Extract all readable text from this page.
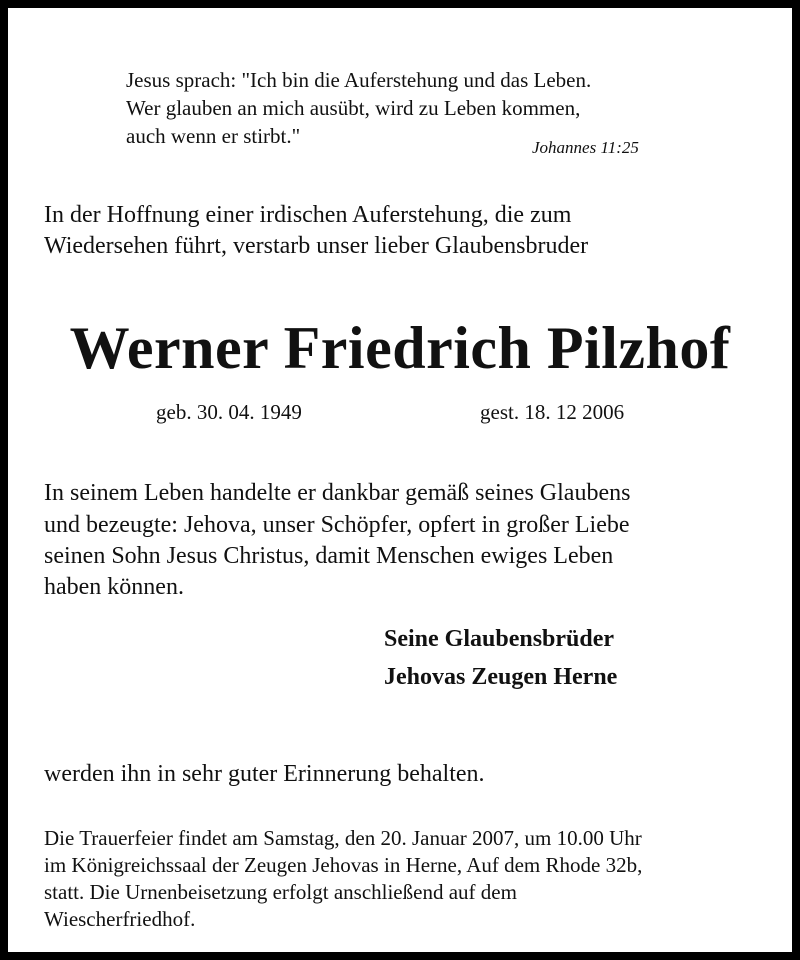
Jesus sprach: "Ich bin die Auferstehung und das Leben.

Wer glauben an mich ausübt, wird zu Leben kommen,

auch wenn er stirbt."	Johannes 11:25

In der Hoffnung einer irdischen Auferstehung, die zum

Wiedersehen führt, verstarb unser lieber Glaubensbruder

Werner Friedrich Pilzhof
geb. 30. 04. 1949	gest. 18. 12 2006

In seinem Leben handelte er dankbar gemäß seines Glaubens

und bezeugte: Jehova, unser Schöpfer, opfert in großer Liebe

seinen Sohn Jesus Christus, damit Menschen ewiges Leben

haben können.

Seine Glaubensbrüder

Jehovas Zeugen Herne

werden ihn in sehr guter Erinnerung behalten.

Die Trauerfeier findet am Samstag, den 20. Januar 2007, um 10.00 Uhr

im Königreichssaal der Zeugen Jehovas in Herne, Auf dem Rhode 32b,

statt. Die Urnenbeisetzung erfolgt anschließend auf dem

Wiescherfriedhof.
